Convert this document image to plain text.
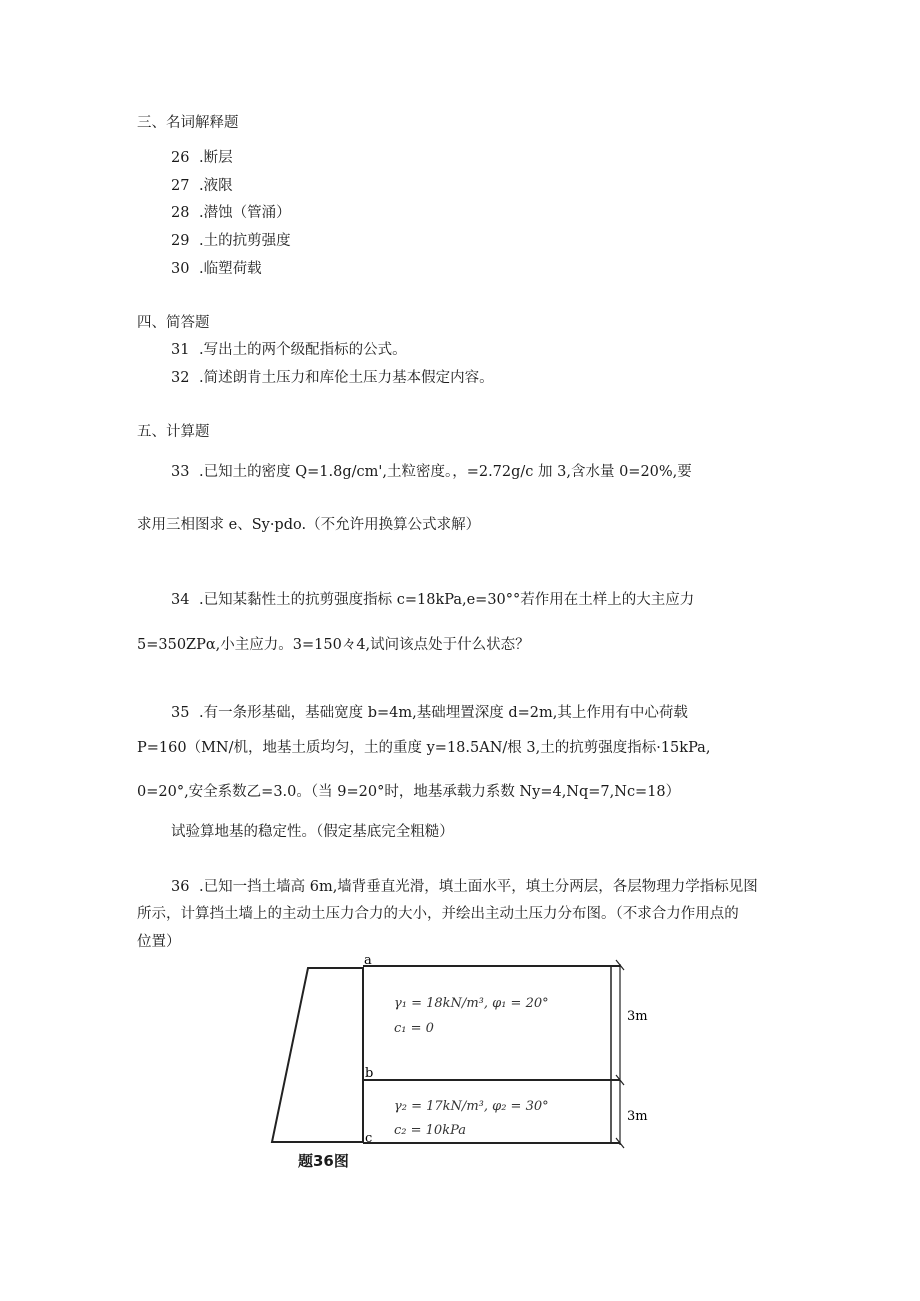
三、名词解释题
26 .断层
27 .液限
28 .潜蚀（管涌）
29 .土的抗剪强度
30 .临塑荷载
四、简答题
31 .写出土的两个级配指标的公式。
32 .简述朗肯土压力和库伦土压力基本假定内容。
五、计算题
33 .已知土的密度 Q=1.8g/cm',土粒密度。，=2.72g/c 加 3,含水量 0=20%,要
求用三相图求 e、Sy·pdo.（不允许用换算公式求解）
34 .已知某黏性土的抗剪强度指标 c=18kPa,e=30°°若作用在土样上的大主应力
5=350ZPα,小主应力。3=150々4,试问该点处于什么状态？
35 .有一条形基础，基础宽度 b=4m,基础埋置深度 d=2m,其上作用有中心荷载
P=160（MN/机，地基土质均匀，土的重度 y=18.5AN/根 3,土的抗剪强度指标·15kPa,
0=20°,安全系数乙=3.0。（当 9=20°时，地基承载力系数 Ny=4,Nq=7,Nc=18）
试验算地基的稳定性。（假定基底完全粗糙）
36 .已知一挡土墙高 6m,墙背垂直光滑，填土面水平，填土分两层，各层物理力学指标见图
所示，计算挡土墙上的主动土压力合力的大小，并绘出主动土压力分布图。（不求合力作用点的
位置）
a
b
c
γ₁ = 18kN/m³, φ₁ = 20°
c₁ = 0
γ₂ = 17kN/m³, φ₂ = 30°
c₂ = 10kPa
3m
3m
题36图
